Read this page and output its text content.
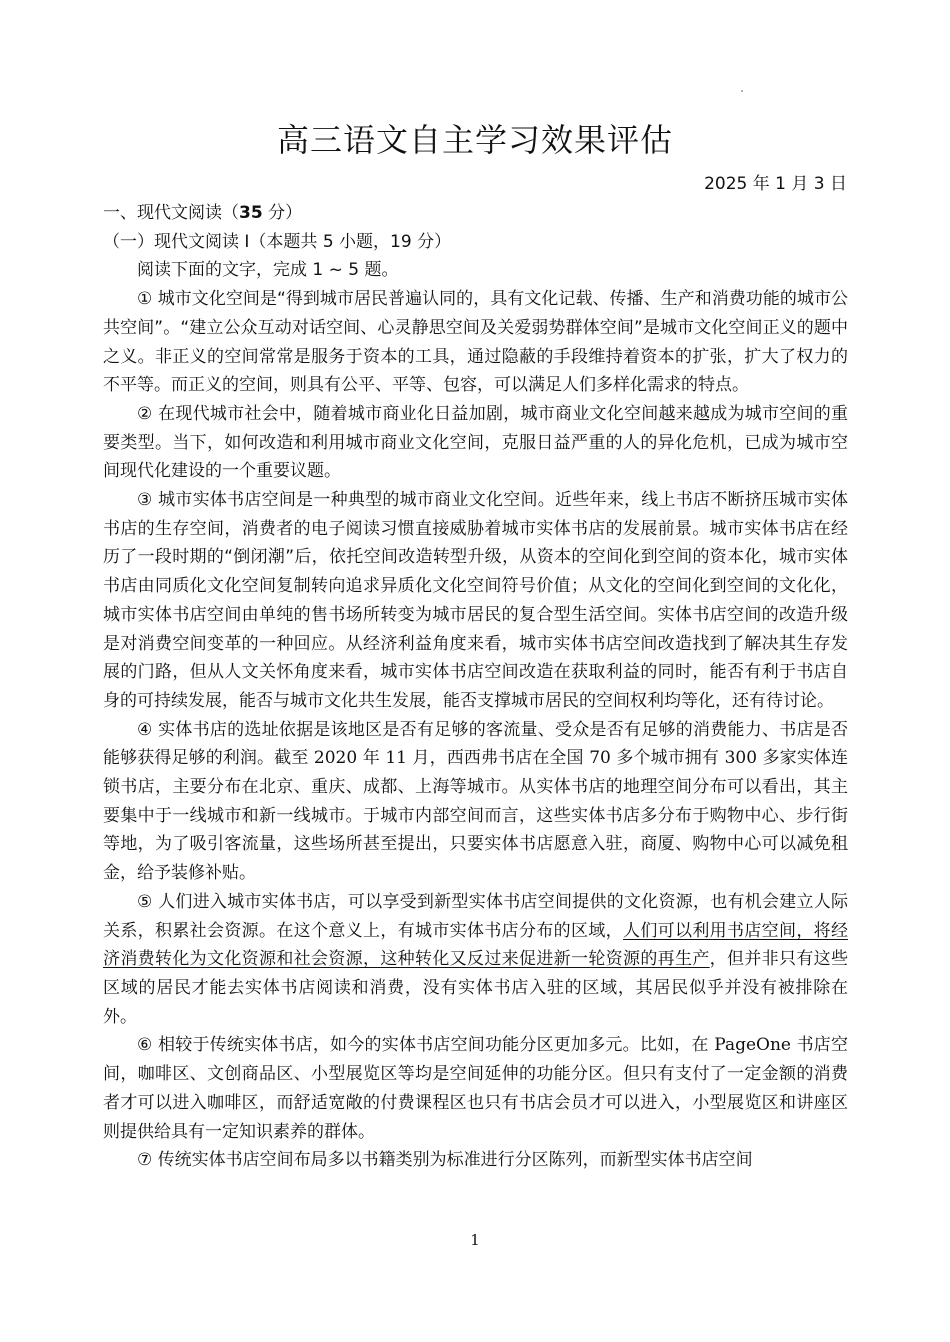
高三语文自主学习效果评估
2025 年 1 月 3 日

一、现代文阅读（35 分）

（一）现代文阅读 I（本题共 5 小题，19 分）

阅读下面的文字，完成 1 ~ 5 题。

① 城市文化空间是“得到城市居民普遍认同的，具有文化记载、传播、生产和消费功能的城市公共空间”。“建立公众互动对话空间、心灵静思空间及关爱弱势群体空间”是城市文化空间正义的题中之义。非正义的空间常常是服务于资本的工具，通过隐蔽的手段维持着资本的扩张，扩大了权力的不平等。而正义的空间，则具有公平、平等、包容，可以满足人们多样化需求的特点。

② 在现代城市社会中，随着城市商业化日益加剧，城市商业文化空间越来越成为城市空间的重要类型。当下，如何改造和利用城市商业文化空间，克服日益严重的人的异化危机，已成为城市空间现代化建设的一个重要议题。

③ 城市实体书店空间是一种典型的城市商业文化空间。近些年来，线上书店不断挤压城市实体书店的生存空间，消费者的电子阅读习惯直接威胁着城市实体书店的发展前景。城市实体书店在经历了一段时期的“倒闭潮”后，依托空间改造转型升级，从资本的空间化到空间的资本化，城市实体书店由同质化文化空间复制转向追求异质化文化空间符号价值；从文化的空间化到空间的文化化，城市实体书店空间由单纯的售书场所转变为城市居民的复合型生活空间。实体书店空间的改造升级是对消费空间变革的一种回应。从经济利益角度来看，城市实体书店空间改造找到了解决其生存发展的门路，但从人文关怀角度来看，城市实体书店空间改造在获取利益的同时，能否有利于书店自身的可持续发展，能否与城市文化共生发展，能否支撑城市居民的空间权利均等化，还有待讨论。

④ 实体书店的选址依据是该地区是否有足够的客流量、受众是否有足够的消费能力、书店是否能够获得足够的利润。截至 2020 年 11 月，西西弗书店在全国 70 多个城市拥有 300 多家实体连锁书店，主要分布在北京、重庆、成都、上海等城市。从实体书店的地理空间分布可以看出，其主要集中于一线城市和新一线城市。于城市内部空间而言，这些实体书店多分布于购物中心、步行街等地，为了吸引客流量，这些场所甚至提出，只要实体书店愿意入驻，商厦、购物中心可以减免租金，给予装修补贴。

⑤ 人们进入城市实体书店，可以享受到新型实体书店空间提供的文化资源，也有机会建立人际关系，积累社会资源。在这个意义上，有城市实体书店分布的区域，人们可以利用书店空间，将经济消费转化为文化资源和社会资源，这种转化又反过来促进新一轮资源的再生产，但并非只有这些区域的居民才能去实体书店阅读和消费，没有实体书店入驻的区域，其居民似乎并没有被排除在外。

⑥ 相较于传统实体书店，如今的实体书店空间功能分区更加多元。比如，在 PageOne 书店空间，咖啡区、文创商品区、小型展览区等均是空间延伸的功能分区。但只有支付了一定金额的消费者才可以进入咖啡区，而舒适宽敞的付费课程区也只有书店会员才可以进入，小型展览区和讲座区则提供给具有一定知识素养的群体。

⑦ 传统实体书店空间布局多以书籍类别为标准进行分区陈列，而新型实体书店空间

1
